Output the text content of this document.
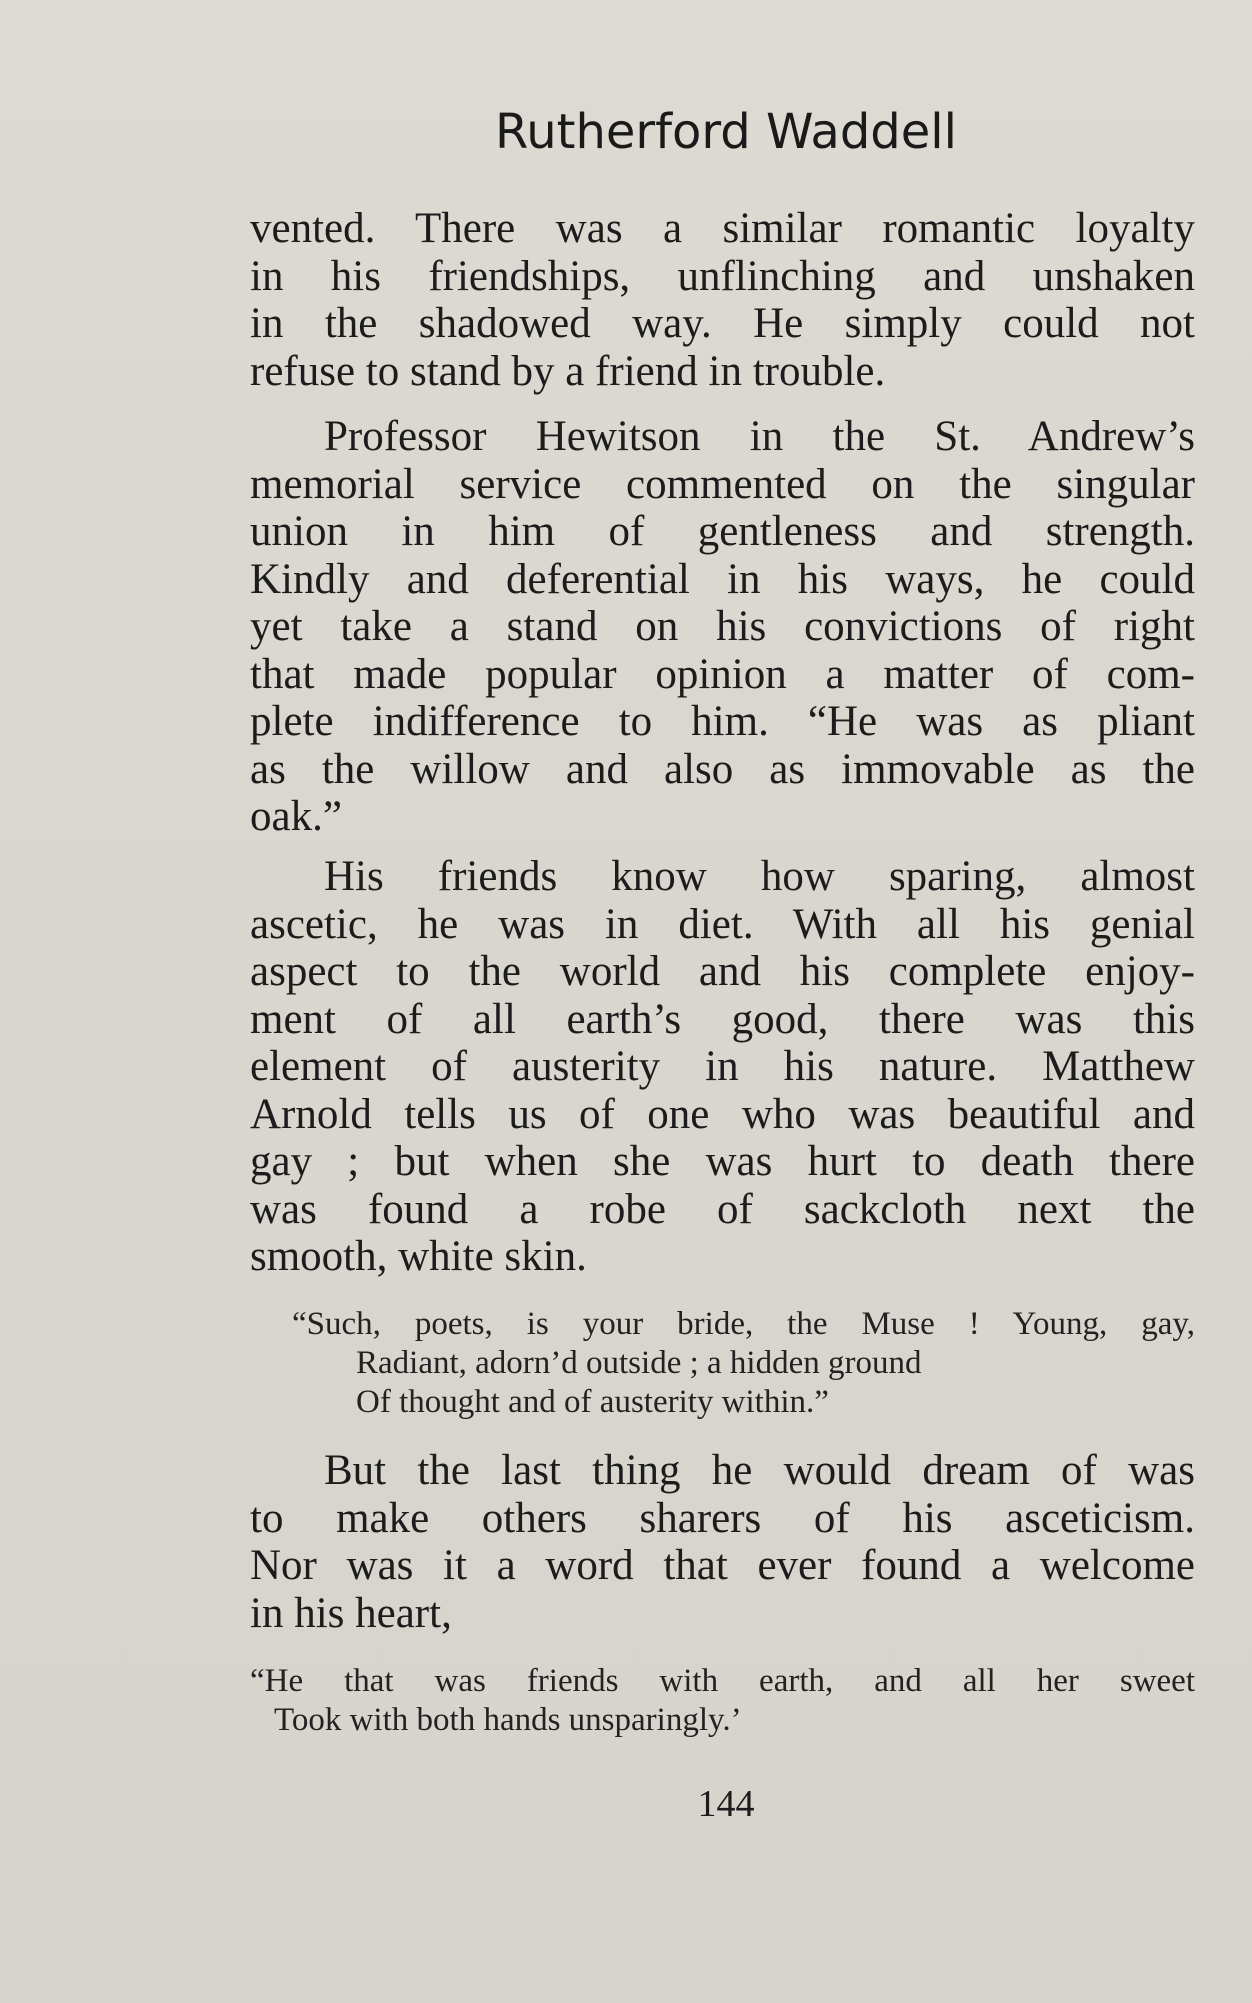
Rutherford Waddell

vented. There was a similar romantic loyalty
in his friendships, unflinching and unshaken
in the shadowed way. He simply could not
refuse to stand by a friend in trouble.

Professor Hewitson in the St. Andrew’s
memorial service commented on the singular
union in him of gentleness and strength.
Kindly and deferential in his ways, he could
yet take a stand on his convictions of right
that made popular opinion a matter of com-
plete indifference to him. “He was as pliant
as the willow and also as immovable as the
oak.”

His friends know how sparing, almost
ascetic, he was in diet. With all his genial
aspect to the world and his complete enjoy-
ment of all earth’s good, there was this
element of austerity in his nature. Matthew
Arnold tells us of one who was beautiful and
gay ; but when she was hurt to death there
was found a robe of sackcloth next the
smooth, white skin.

“Such, poets, is your bride, the Muse ! Young, gay,
Radiant, adorn’d outside ; a hidden ground
Of thought and of austerity within.”

But the last thing he would dream of was
to make others sharers of his asceticism.
Nor was it a word that ever found a welcome
in his heart,

“He that was friends with earth, and all her sweet
Took with both hands unsparingly.’
144
